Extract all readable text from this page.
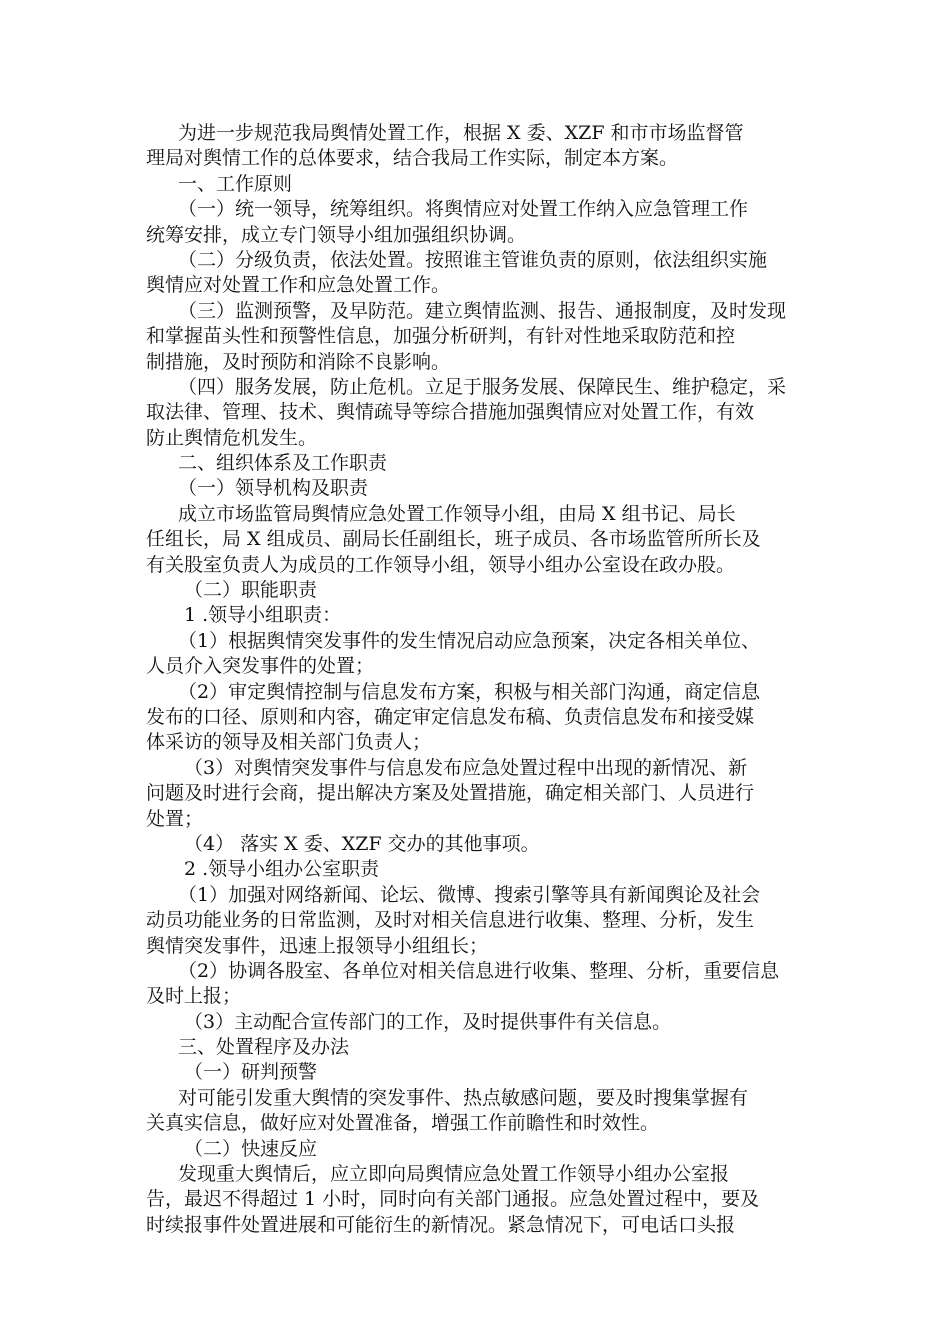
为进一步规范我局舆情处置工作，根据 X 委、XZF 和市市场监督管
理局对舆情工作的总体要求，结合我局工作实际，制定本方案。
一、工作原则
（一）统一领导，统筹组织。将舆情应对处置工作纳入应急管理工作
统筹安排，成立专门领导小组加强组织协调。
（二）分级负责，依法处置。按照谁主管谁负责的原则，依法组织实施
舆情应对处置工作和应急处置工作。
（三）监测预警，及早防范。建立舆情监测、报告、通报制度，及时发现
和掌握苗头性和预警性信息，加强分析研判，有针对性地采取防范和控
制措施，及时预防和消除不良影响。
（四）服务发展，防止危机。立足于服务发展、保障民生、维护稳定，采
取法律、管理、技术、舆情疏导等综合措施加强舆情应对处置工作，有效
防止舆情危机发生。
二、组织体系及工作职责
（一）领导机构及职责
成立市场监管局舆情应急处置工作领导小组，由局 X 组书记、局长
任组长，局 X 组成员、副局长任副组长，班子成员、各市场监管所所长及
有关股室负责人为成员的工作领导小组，领导小组办公室设在政办股。
（二）职能职责
1 .领导小组职责：
（1）根据舆情突发事件的发生情况启动应急预案，决定各相关单位、
人员介入突发事件的处置；
（2）审定舆情控制与信息发布方案，积极与相关部门沟通，商定信息
发布的口径、原则和内容，确定审定信息发布稿、负责信息发布和接受媒
体采访的领导及相关部门负责人；
（3）对舆情突发事件与信息发布应急处置过程中出现的新情况、新
问题及时进行会商，提出解决方案及处置措施，确定相关部门、人员进行
处置；
（4） 落实 X 委、XZF 交办的其他事项。
2 .领导小组办公室职责
（1）加强对网络新闻、论坛、微博、搜索引擎等具有新闻舆论及社会
动员功能业务的日常监测，及时对相关信息进行收集、整理、分析，发生
舆情突发事件，迅速上报领导小组组长；
（2）协调各股室、各单位对相关信息进行收集、整理、分析，重要信息
及时上报；
（3）主动配合宣传部门的工作，及时提供事件有关信息。
三、处置程序及办法
（一）研判预警
对可能引发重大舆情的突发事件、热点敏感问题，要及时搜集掌握有
关真实信息，做好应对处置准备，增强工作前瞻性和时效性。
（二）快速反应
发现重大舆情后，应立即向局舆情应急处置工作领导小组办公室报
告，最迟不得超过 1 小时，同时向有关部门通报。应急处置过程中，要及
时续报事件处置进展和可能衍生的新情况。紧急情况下，可电话口头报
